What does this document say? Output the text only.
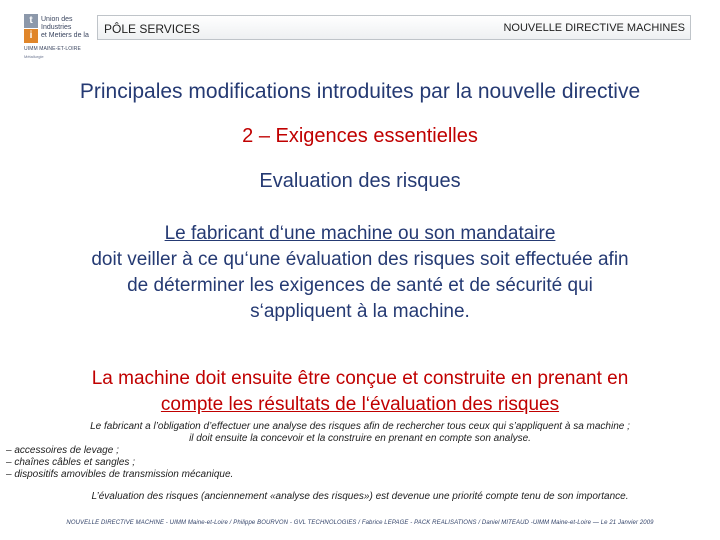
t
i
Union des
Industries
et Metiers de la
UIMM MAINE-ET-LOIRE
Métallurgie
PÔLE SERVICES	NOUVELLE DIRECTIVE MACHINES
Principales modifications introduites par la nouvelle directive
2 – Exigences essentielles
Evaluation des risques
Le fabricant d‘une machine ou son mandataire
doit veiller à ce qu‘une évaluation des risques soit effectuée afin
de déterminer les exigences de santé et de sécurité qui
s‘appliquent à la machine.
La machine doit ensuite être conçue et construite en prenant en
compte les résultats de l‘évaluation des risques
Le fabricant a l’obligation d’effectuer une analyse des risques afin de rechercher tous ceux qui s’appliquent à sa machine ;
il doit ensuite la concevoir et la construire en prenant en compte son analyse.
– accessoires de levage ;
– chaînes câbles et sangles ;
– dispositifs amovibles de transmission mécanique.
L’évaluation des risques (anciennement «analyse des risques») est devenue une priorité compte tenu de son importance.
NOUVELLE DIRECTIVE MACHINE - UIMM Maine-et-Loire / Philippe BOURVON - GVL TECHNOLOGIES / Fabrice LEPAGE - PACK REALISATIONS / Daniel MITEAUD -UIMM Maine-et-Loire — Le 21 Janvier 2009
